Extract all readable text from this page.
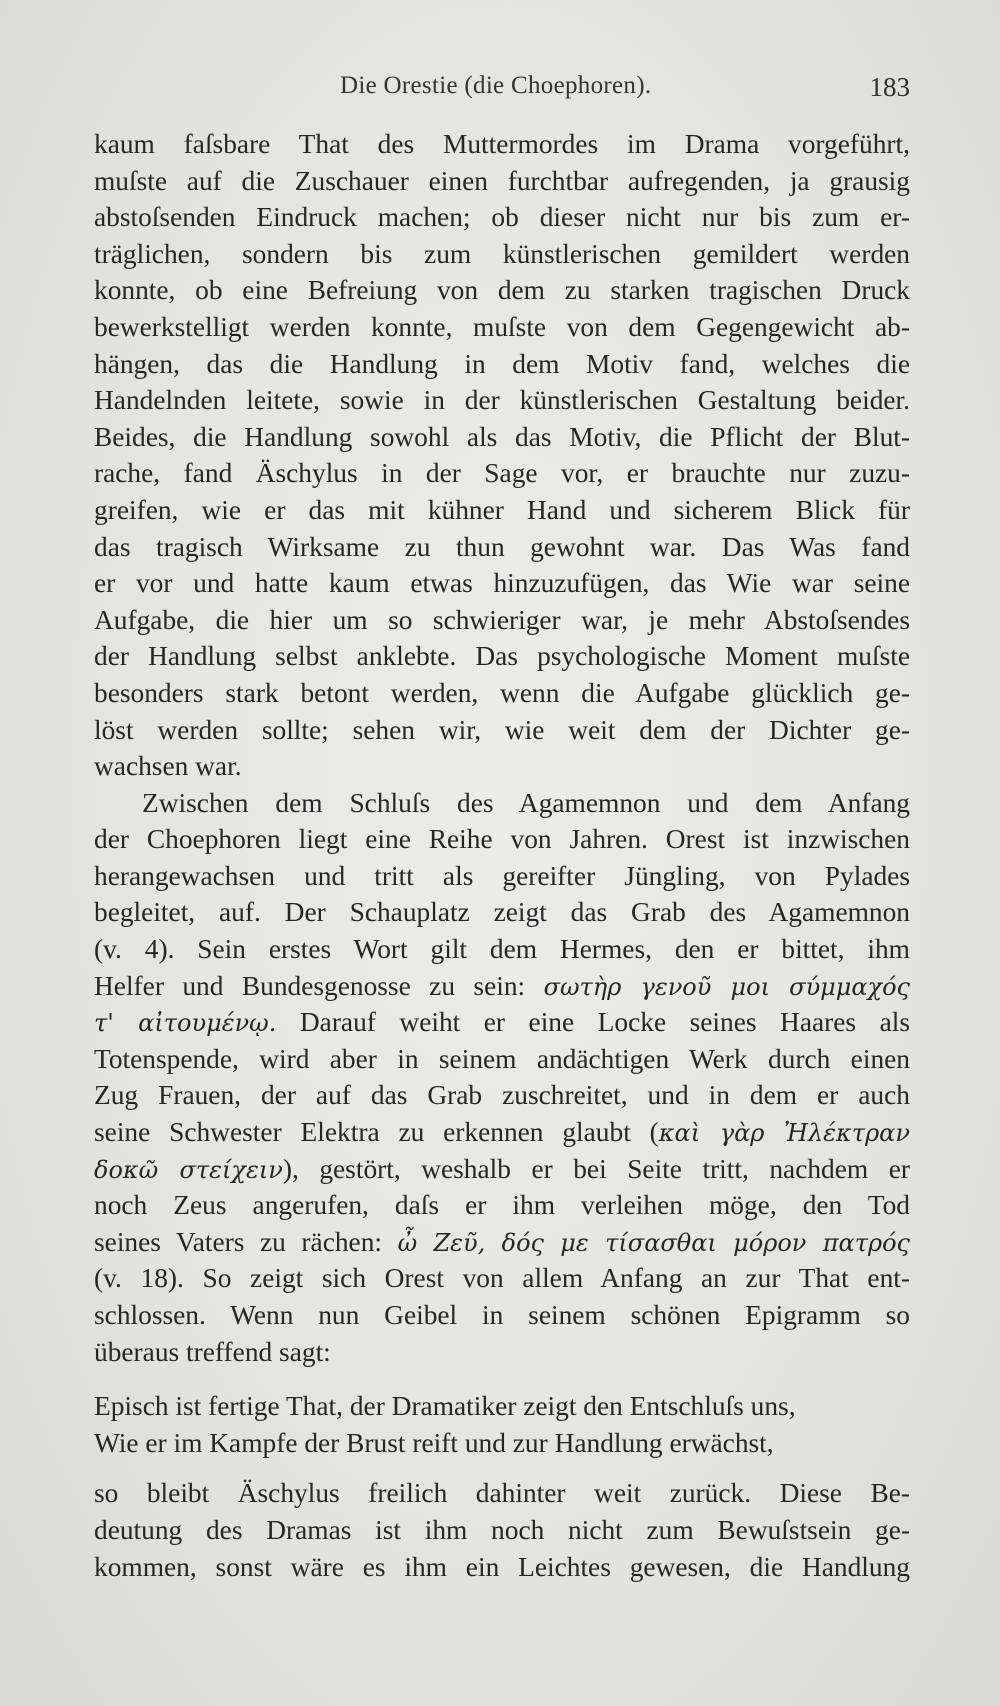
Die Orestie (die Choephoren).	183
kaum faſsbare That des Muttermordes im Drama vorgeführt,
muſste auf die Zuschauer einen furchtbar aufregenden, ja grausig
abstoſsenden Eindruck machen; ob dieser nicht nur bis zum er-
träglichen, sondern bis zum künstlerischen gemildert werden
konnte, ob eine Befreiung von dem zu starken tragischen Druck
bewerkstelligt werden konnte, muſste von dem Gegengewicht ab-
hängen, das die Handlung in dem Motiv fand, welches die
Handelnden leitete, sowie in der künstlerischen Gestaltung beider.
Beides, die Handlung sowohl als das Motiv, die Pflicht der Blut-
rache, fand Äschylus in der Sage vor, er brauchte nur zuzu-
greifen, wie er das mit kühner Hand und sicherem Blick für
das tragisch Wirksame zu thun gewohnt war. Das Was fand
er vor und hatte kaum etwas hinzuzufügen, das Wie war seine
Aufgabe, die hier um so schwieriger war, je mehr Abstoſsendes
der Handlung selbst anklebte. Das psychologische Moment muſste
besonders stark betont werden, wenn die Aufgabe glücklich ge-
löst werden sollte; sehen wir, wie weit dem der Dichter ge-
wachsen war.
Zwischen dem Schluſs des Agamemnon und dem Anfang
der Choephoren liegt eine Reihe von Jahren. Orest ist inzwischen
herangewachsen und tritt als gereifter Jüngling, von Pylades
begleitet, auf. Der Schauplatz zeigt das Grab des Agamemnon
(v. 4). Sein erstes Wort gilt dem Hermes, den er bittet, ihm
Helfer und Bundesgenosse zu sein: σωτὴρ γενοῦ μοι σύμμαχός
τ' αἰτουμένῳ. Darauf weiht er eine Locke seines Haares als
Totenspende, wird aber in seinem andächtigen Werk durch einen
Zug Frauen, der auf das Grab zuschreitet, und in dem er auch
seine Schwester Elektra zu erkennen glaubt (καὶ γὰρ Ἠλέκτραν
δοκῶ στείχειν), gestört, weshalb er bei Seite tritt, nachdem er
noch Zeus angerufen, daſs er ihm verleihen möge, den Tod
seines Vaters zu rächen: ὦ Ζεῦ, δός με τίσασθαι μόρον πατρός
(v. 18). So zeigt sich Orest von allem Anfang an zur That ent-
schlossen. Wenn nun Geibel in seinem schönen Epigramm so
überaus treffend sagt:
Episch ist fertige That, der Dramatiker zeigt den Entschluſs uns,
Wie er im Kampfe der Brust reift und zur Handlung erwächst,
so bleibt Äschylus freilich dahinter weit zurück. Diese Be-
deutung des Dramas ist ihm noch nicht zum Bewuſstsein ge-
kommen, sonst wäre es ihm ein Leichtes gewesen, die Handlung
